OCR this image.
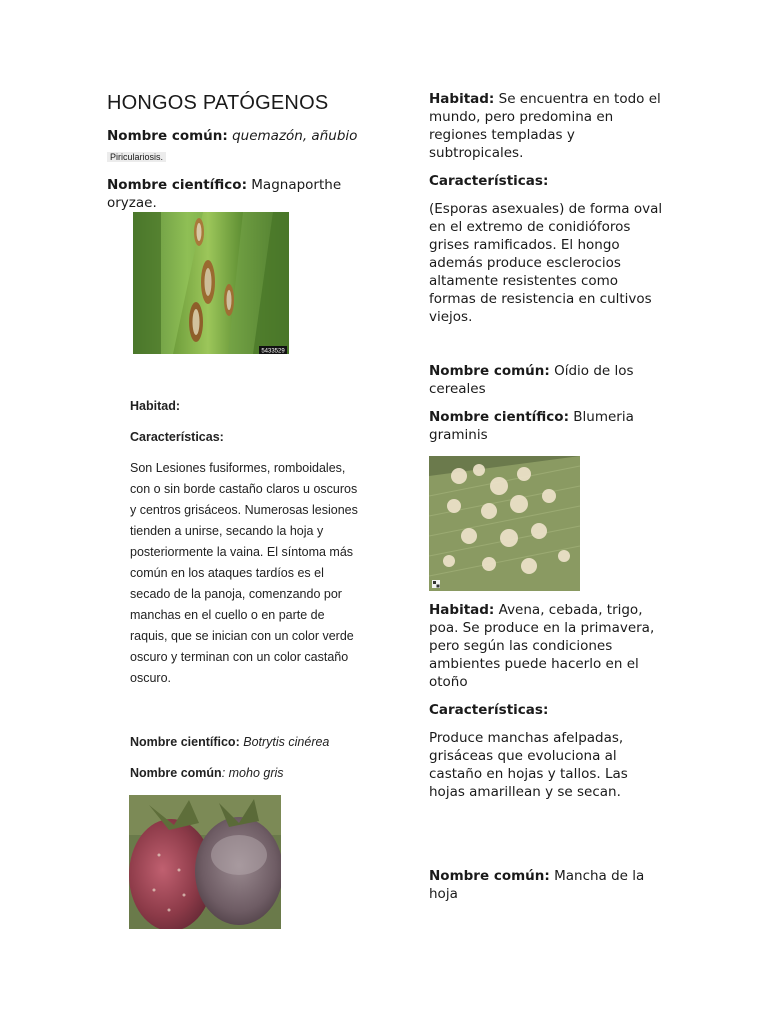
HONGOS PATÓGENOS

Nombre común: quemazón, añubio

Piriculariosis.

Nombre científico: Magnaporthe oryzae.

5433529

Habitad:

Características:

Son Lesiones fusiformes, romboidales, con o sin borde castaño claros u oscuros y centros grisáceos. Numerosas lesiones tienden a unirse, secando la hoja y posteriormente la vaina. El síntoma más común en los ataques tardíos es el secado de la panoja, comenzando por manchas en el cuello o en parte de raquis, que se inician con un color verde oscuro y terminan con un color castaño oscuro.

Nombre científico: Botrytis cinérea

Nombre común: moho gris

Habitad: Se encuentra en todo el mundo, pero predomina en regiones templadas y subtropicales.

Características:

(Esporas asexuales) de forma oval en el extremo de conidióforos grises ramificados. El hongo además produce esclerocios altamente resistentes como formas de resistencia en cultivos viejos.

Nombre común: Oídio de los cereales

Nombre científico: Blumeria graminis

Habitad: Avena, cebada, trigo, poa. Se produce en la primavera, pero según las condiciones ambientes puede hacerlo en el otoño

Características:

Produce manchas afelpadas, grisáceas que evoluciona al castaño en hojas y tallos. Las hojas amarillean y se secan.

Nombre común: Mancha de la hoja
